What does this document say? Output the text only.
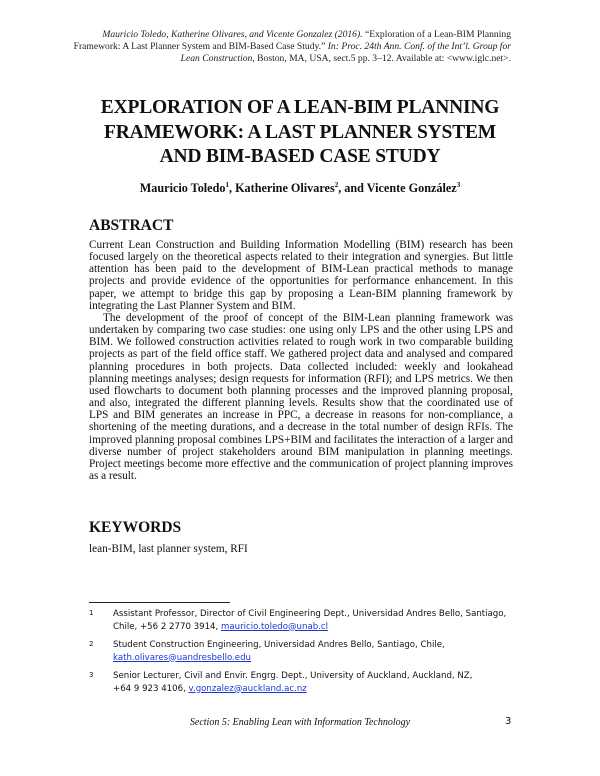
Mauricio Toledo, Katherine Olivares, and Vicente Gonzalez (2016). “Exploration of a Lean-BIM Planning Framework: A Last Planner System and BIM-Based Case Study.” In: Proc. 24th Ann. Conf. of the Int’l. Group for Lean Construction, Boston, MA, USA, sect.5 pp. 3–12. Available at: <www.iglc.net>.
EXPLORATION OF A LEAN-BIM PLANNING
FRAMEWORK: A LAST PLANNER SYSTEM
AND BIM-BASED CASE STUDY
Mauricio Toledo$^1$, Katherine Olivares$^2$, and Vicente González$^3$
ABSTRACT

Current Lean Construction and Building Information Modelling (BIM) research has been focused largely on the theoretical aspects related to their integration and synergies. But little attention has been paid to the development of BIM-Lean practical methods to manage projects and provide evidence of the opportunities for performance enhancement. In this paper, we attempt to bridge this gap by proposing a Lean-BIM planning framework by integrating the Last Planner System and BIM.

The development of the proof of concept of the BIM-Lean planning framework was undertaken by comparing two case studies: one using only LPS and the other using LPS and BIM. We followed construction activities related to rough work in two comparable building projects as part of the field office staff. We gathered project data and analysed and compared planning procedures in both projects. Data collected included: weekly and lookahead planning meetings analyses; design requests for information (RFI); and LPS metrics. We then used flowcharts to document both planning processes and the improved planning proposal, and also, integrated the different planning levels. Results show that the coordinated use of LPS and BIM generates an increase in PPC, a decrease in reasons for non-compliance, a shortening of the meeting durations, and a decrease in the total number of design RFIs. The improved planning proposal combines LPS+BIM and facilitates the interaction of a larger and diverse number of project stakeholders around BIM manipulation in planning meetings. Project meetings become more effective and the communication of project planning improves as a result.

KEYWORDS
lean-BIM, last planner system, RFI
1 Assistant Professor, Director of Civil Engineering Dept., Universidad Andres Bello, Santiago,
Chile, +56 2 2770 3914, mauricio.toledo@unab.cl
2 Student Construction Engineering, Universidad Andres Bello, Santiago, Chile,
kath.olivares@uandresbello.edu
3 Senior Lecturer, Civil and Envir. Engrg. Dept., University of Auckland, Auckland, NZ,
+64 9 923 4106, v.gonzalez@auckland.ac.nz
Section 5: Enabling Lean with Information Technology	3
